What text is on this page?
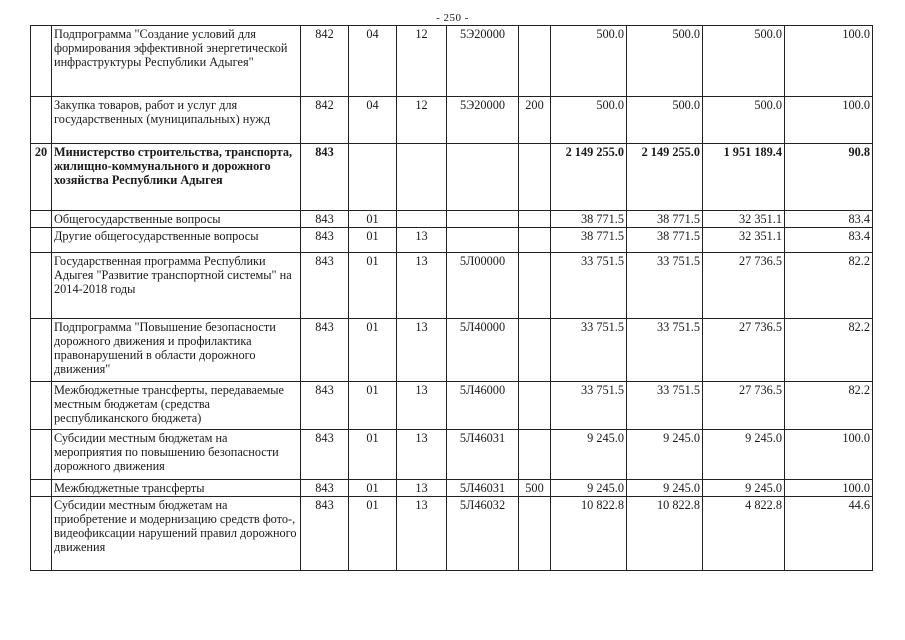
- 250 -
	Подпрограмма "Создание условий для формирования эффективной энергетической инфраструктуры Республики Адыгея"	842	04	12	5Э20000		500.0	500.0	500.0	100.0
	Закупка товаров, работ и услуг для государственных (муниципальных) нужд	842	04	12	5Э20000	200	500.0	500.0	500.0	100.0
20	Министерство строительства, транспорта, жилищно-коммунального и дорожного хозяйства Республики Адыгея	843					2 149 255.0	2 149 255.0	1 951 189.4	90.8
	Общегосударственные вопросы	843	01				38 771.5	38 771.5	32 351.1	83.4
	Другие общегосударственные вопросы	843	01	13			38 771.5	38 771.5	32 351.1	83.4
	Государственная программа Республики Адыгея "Развитие транспортной системы" на 2014-2018 годы	843	01	13	5Л00000		33 751.5	33 751.5	27 736.5	82.2
	Подпрограмма "Повышение безопасности дорожного движения и профилактика правонарушений в области дорожного движения"	843	01	13	5Л40000		33 751.5	33 751.5	27 736.5	82.2
	Межбюджетные трансферты, передаваемые местным бюджетам (средства республиканского бюджета)	843	01	13	5Л46000		33 751.5	33 751.5	27 736.5	82.2
	Субсидии местным бюджетам на мероприятия по повышению безопасности дорожного движения	843	01	13	5Л46031		9 245.0	9 245.0	9 245.0	100.0
	Межбюджетные трансферты	843	01	13	5Л46031	500	9 245.0	9 245.0	9 245.0	100.0
	Субсидии местным бюджетам на приобретение и модернизацию средств фото-, видеофиксации нарушений правил дорожного движения	843	01	13	5Л46032		10 822.8	10 822.8	4 822.8	44.6
